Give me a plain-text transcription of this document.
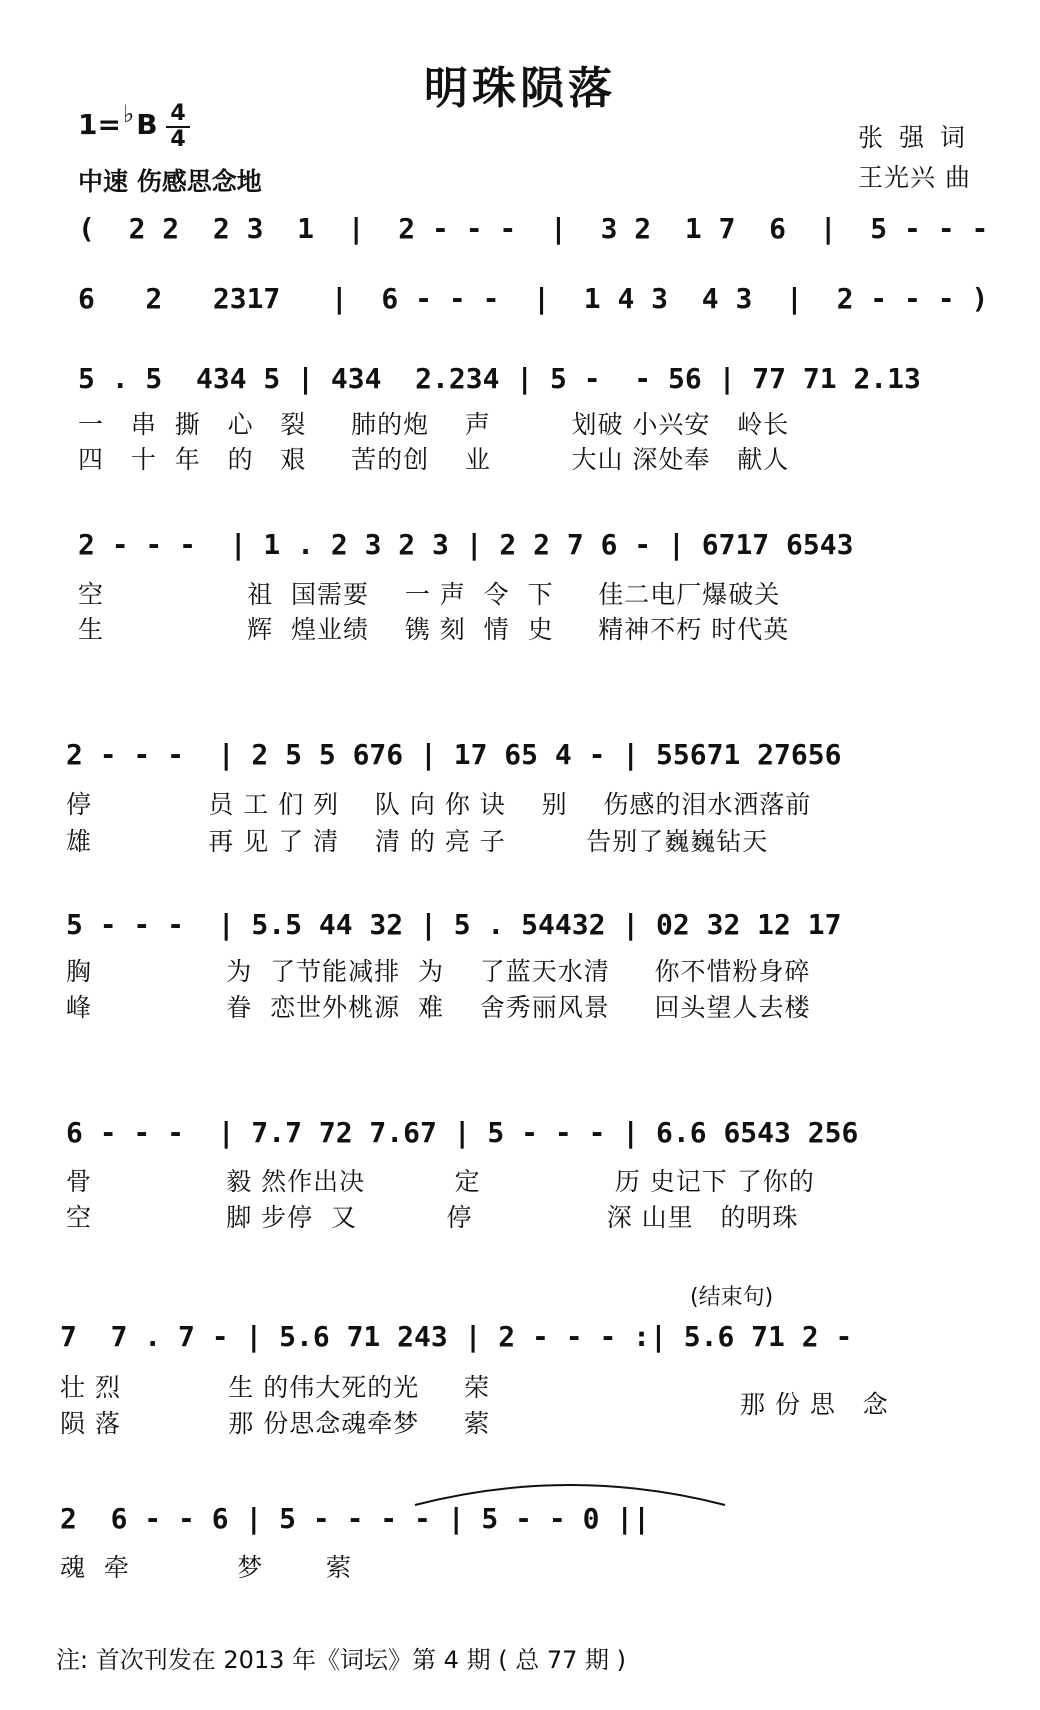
明珠陨落
1=♭B 4
4
中速 伤感思念地
张 强 词
王光兴 曲
(  2 2  2 3  1  |  2 - - -  |  3 2  1 7  6  |  5 - - -
6   2   2317   |  6 - - -  |  1 4 3  4 3  |  2 - - - )
5 . 5  434 5 | 434  2.234 | 5 -  - 56 | 77 71 2.13
一   串  撕   心   裂     肺的炮    声         划破 小兴安   岭长
四   十  年   的   艰     苦的创    业         大山 深处奉   献人
2 - - -  | 1 . 2 3 2 3 | 2 2 7 6 - | 6717 6543
空                祖  国需要    一 声  令  下     佳二电厂爆破关
生                辉  煌业绩    镌 刻  情  史     精神不朽 时代英
2 - - -  | 2 5 5 676 | 17 65 4 - | 55671 27656
停             员 工 们 列    队 向 你 诀    别    伤感的泪水洒落前
雄             再 见 了 清    清 的 亮 子         告别了巍巍钻天
5 - - -  | 5.5 44 32 | 5 . 54432 | 02 32 12 17
胸               为  了节能减排  为    了蓝天水清     你不惜粉身碎
峰               眷  恋世外桃源  难    舍秀丽风景     回头望人去楼
6 - - -  | 7.7 72 7.67 | 5 - - - | 6.6 6543 256
骨               毅 然作出决          定               历 史记下 了你的
空               脚 步停  又          停               深 山里   的明珠
(结束句)
7  7 . 7 - | 5.6 71 243 | 2 - - - :| 5.6 71 2 -
壮 烈            生 的伟大死的光     荣
陨 落            那 份思念魂牵梦     萦
那 份 思   念
2  6 - - 6 | 5 - - - - | 5 - - 0 ||
魂  牵            梦       萦
注: 首次刊发在 2013 年《词坛》第 4 期 ( 总 77 期 )
